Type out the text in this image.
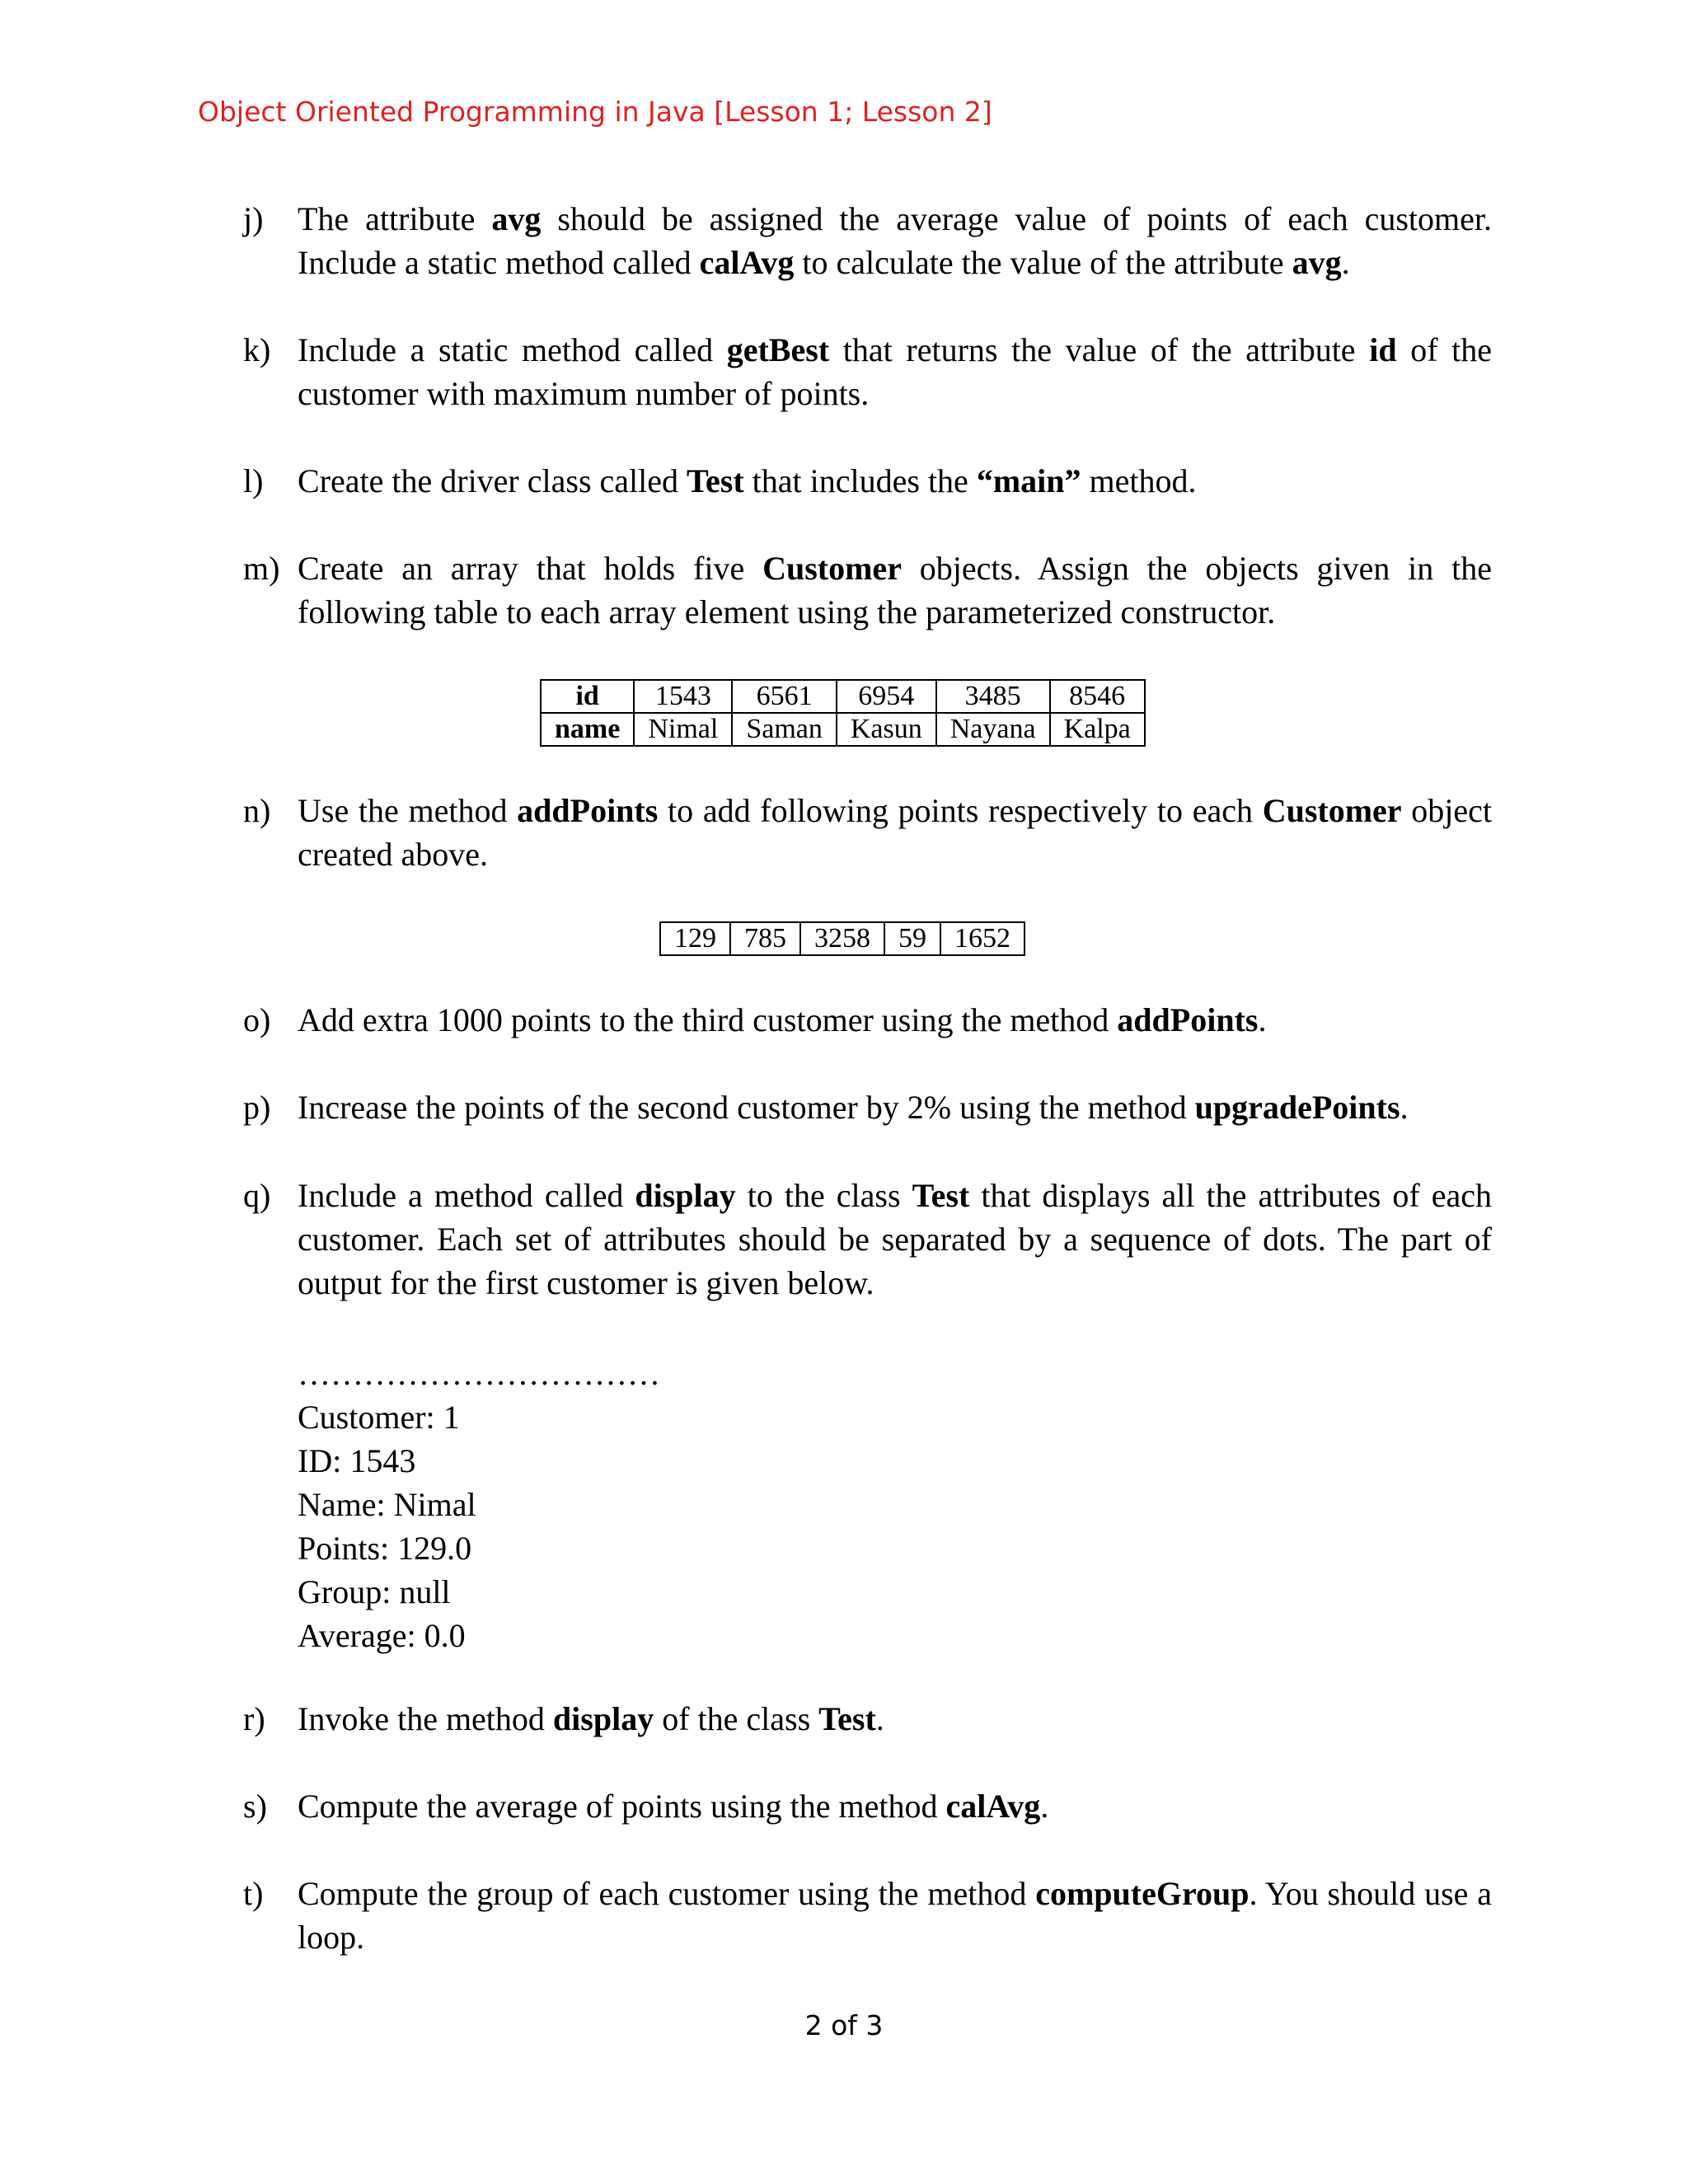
Object Oriented Programming in Java [Lesson 1; Lesson 2]
j) The attribute avg should be assigned the average value of points of each customer. Include a static method called calAvg to calculate the value of the attribute avg.
k) Include a static method called getBest that returns the value of the attribute id of the customer with maximum number of points.
l) Create the driver class called Test that includes the “main” method.
m) Create an array that holds five Customer objects. Assign the objects given in the following table to each array element using the parameterized constructor.
id	1543	6561	6954	3485	8546
name	Nimal	Saman	Kasun	Nayana	Kalpa
n) Use the method addPoints to add following points respectively to each Customer object created above.
129	785	3258	59	1652
o) Add extra 1000 points to the third customer using the method addPoints.
p) Increase the points of the second customer by 2% using the method upgradePoints.
q) Include a method called display to the class Test that displays all the attributes of each customer. Each set of attributes should be separated by a sequence of dots. The part of output for the first customer is given below.
……………………………
Customer: 1
ID: 1543
Name: Nimal
Points: 129.0
Group: null
Average: 0.0
r) Invoke the method display of the class Test.
s) Compute the average of points using the method calAvg.
t) Compute the group of each customer using the method computeGroup. You should use a loop.
2 of 3
